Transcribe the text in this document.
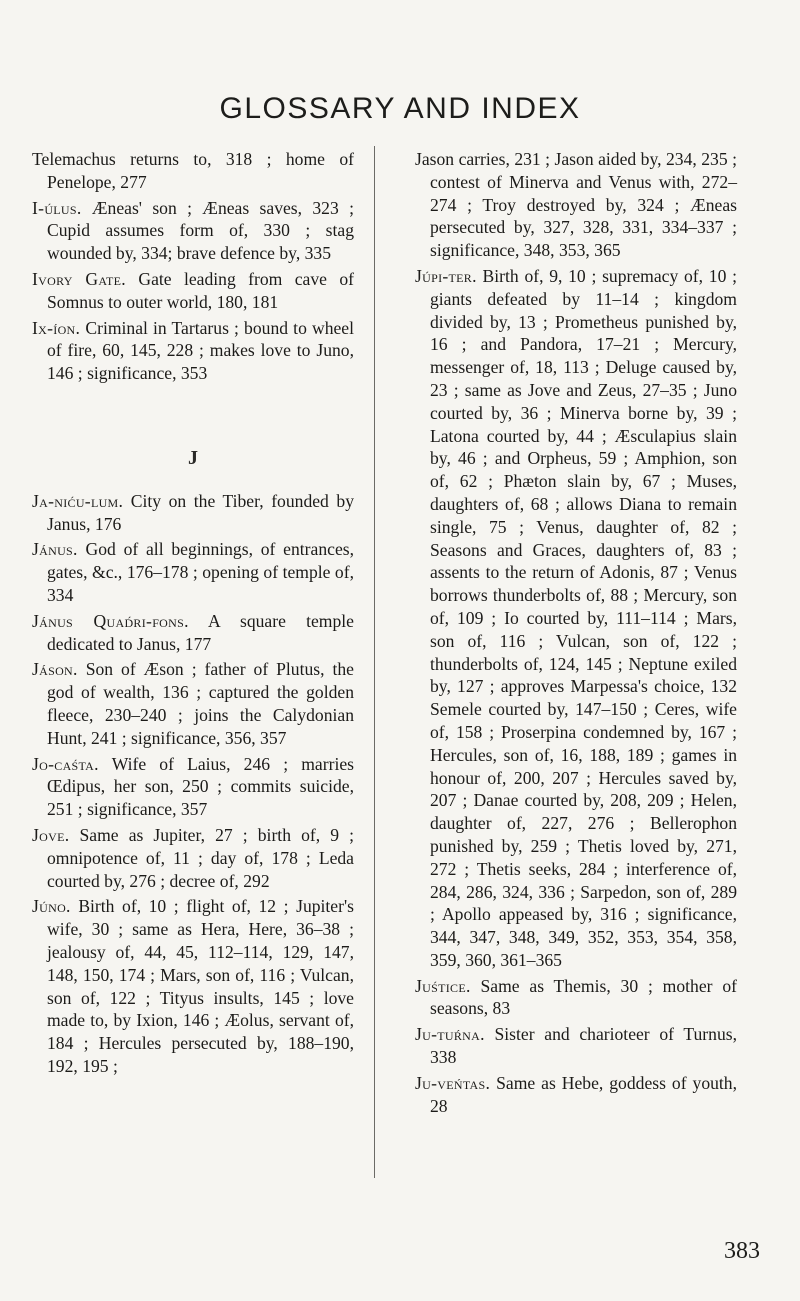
GLOSSARY AND INDEX

Telemachus returns to, 318 ; home of Penelope, 277

I-úlus. Æneas' son ; Æneas saves, 323 ; Cupid assumes form of, 330 ; stag wounded by, 334; brave defence by, 335

Ivory Gate. Gate leading from cave of Somnus to outer world, 180, 181

Ix-íon. Criminal in Tartarus ; bound to wheel of fire, 60, 145, 228 ; makes love to Juno, 146 ; significance, 353

J

Ja-niću-lum. City on the Tiber, founded by Janus, 176

Jánus. God of all beginnings, of entrances, gates, &c., 176–178 ; opening of temple of, 334

Jánus Quad́ri-fons. A square temple dedicated to Janus, 177

Jáson. Son of Æson ; father of Plutus, the god of wealth, 136 ; captured the golden fleece, 230–240 ; joins the Calydonian Hunt, 241 ; significance, 356, 357

Jo-caśta. Wife of Laius, 246 ; marries Œdipus, her son, 250 ; commits suicide, 251 ; significance, 357

Jove. Same as Jupiter, 27 ; birth of, 9 ; omnipotence of, 11 ; day of, 178 ; Leda courted by, 276 ; decree of, 292

Júno. Birth of, 10 ; flight of, 12 ; Jupiter's wife, 30 ; same as Hera, Here, 36–38 ; jealousy of, 44, 45, 112–114, 129, 147, 148, 150, 174 ; Mars, son of, 116 ; Vulcan, son of, 122 ; Tityus insults, 145 ; love made to, by Ixion, 146 ; Æolus, servant of, 184 ; Hercules persecuted by, 188–190, 192, 195 ;

Jason carries, 231 ; Jason aided by, 234, 235 ; contest of Minerva and Venus with, 272–274 ; Troy destroyed by, 324 ; Æneas persecuted by, 327, 328, 331, 334–337 ; significance, 348, 353, 365

Júpi-ter. Birth of, 9, 10 ; supremacy of, 10 ; giants defeated by 11–14 ; kingdom divided by, 13 ; Prometheus punished by, 16 ; and Pandora, 17–21 ; Mercury, messenger of, 18, 113 ; Deluge caused by, 23 ; same as Jove and Zeus, 27–35 ; Juno courted by, 36 ; Minerva borne by, 39 ; Latona courted by, 44 ; Æsculapius slain by, 46 ; and Orpheus, 59 ; Amphion, son of, 62 ; Phæton slain by, 67 ; Muses, daughters of, 68 ; allows Diana to remain single, 75 ; Venus, daughter of, 82 ; Seasons and Graces, daughters of, 83 ; assents to the return of Adonis, 87 ; Venus borrows thunderbolts of, 88 ; Mercury, son of, 109 ; Io courted by, 111–114 ; Mars, son of, 116 ; Vulcan, son of, 122 ; thunderbolts of, 124, 145 ; Neptune exiled by, 127 ; approves Marpessa's choice, 132 Semele courted by, 147–150 ; Ceres, wife of, 158 ; Proserpina condemned by, 167 ; Hercules, son of, 16, 188, 189 ; games in honour of, 200, 207 ; Hercules saved by, 207 ; Danae courted by, 208, 209 ; Helen, daughter of, 227, 276 ; Bellerophon punished by, 259 ; Thetis loved by, 271, 272 ; Thetis seeks, 284 ; interference of, 284, 286, 324, 336 ; Sarpedon, son of, 289 ; Apollo appeased by, 316 ; significance, 344, 347, 348, 349, 352, 353, 354, 358, 359, 360, 361–365

Juśtice. Same as Themis, 30 ; mother of seasons, 83

Ju-tuŕna. Sister and charioteer of Turnus, 338

Ju-veńtas. Same as Hebe, goddess of youth, 28

383
